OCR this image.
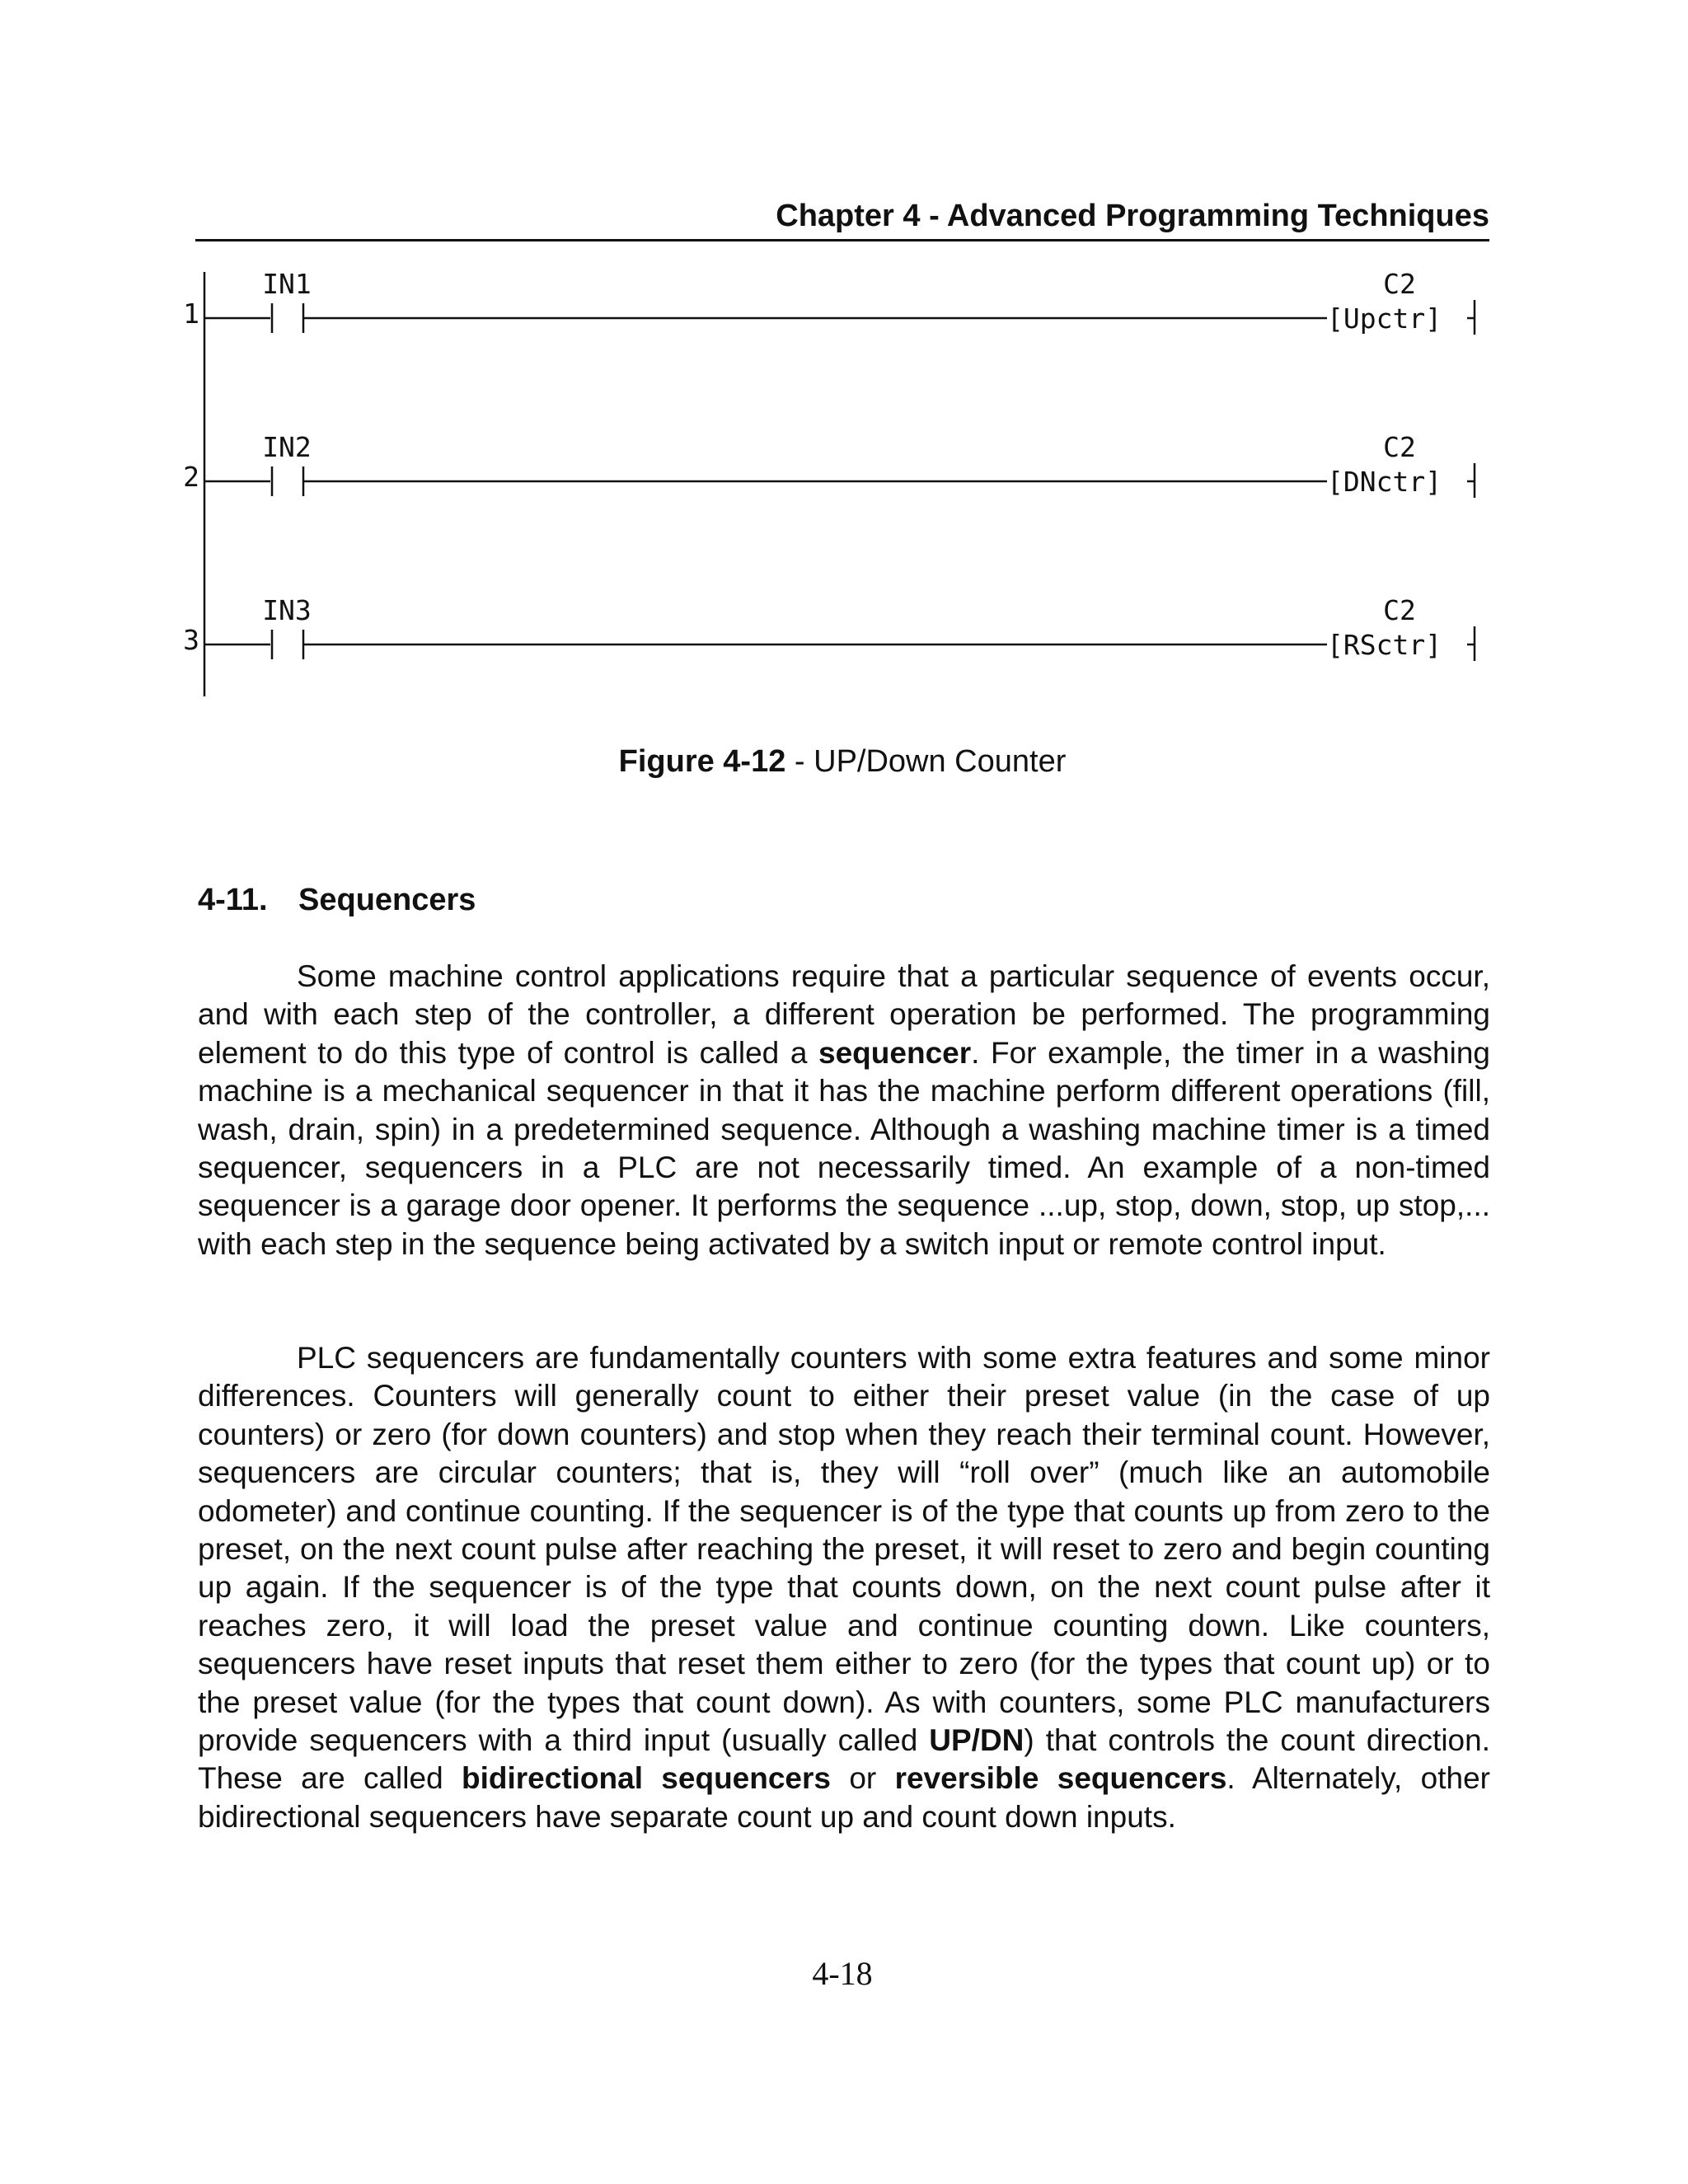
Chapter 4 - Advanced Programming Techniques
1
IN1
[Upctr]
C2
2
IN2
[DNctr]
C2
3
IN3
[RSctr]
C2
Figure 4-12 - UP/Down Counter
4-11. Sequencers

Some machine control applications require that a particular sequence of events occur, and with each step of the controller, a different operation be performed. The programming element to do this type of control is called a sequencer. For example, the timer in a washing machine is a mechanical sequencer in that it has the machine perform different operations (fill, wash, drain, spin) in a predetermined sequence. Although a washing machine timer is a timed sequencer, sequencers in a PLC are not necessarily timed. An example of a non-timed sequencer is a garage door opener. It performs the sequence ...up, stop, down, stop, up stop,... with each step in the sequence being activated by a switch input or remote control input.

PLC sequencers are fundamentally counters with some extra features and some minor differences. Counters will generally count to either their preset value (in the case of up counters) or zero (for down counters) and stop when they reach their terminal count. However, sequencers are circular counters; that is, they will “roll over” (much like an automobile odometer) and continue counting. If the sequencer is of the type that counts up from zero to the preset, on the next count pulse after reaching the preset, it will reset to zero and begin counting up again. If the sequencer is of the type that counts down, on the next count pulse after it reaches zero, it will load the preset value and continue counting down. Like counters, sequencers have reset inputs that reset them either to zero (for the types that count up) or to the preset value (for the types that count down). As with counters, some PLC manufacturers provide sequencers with a third input (usually called UP/DN) that controls the count direction. These are called bidirectional sequencers or reversible sequencers. Alternately, other bidirectional sequencers have separate count up and count down inputs.

4-18
